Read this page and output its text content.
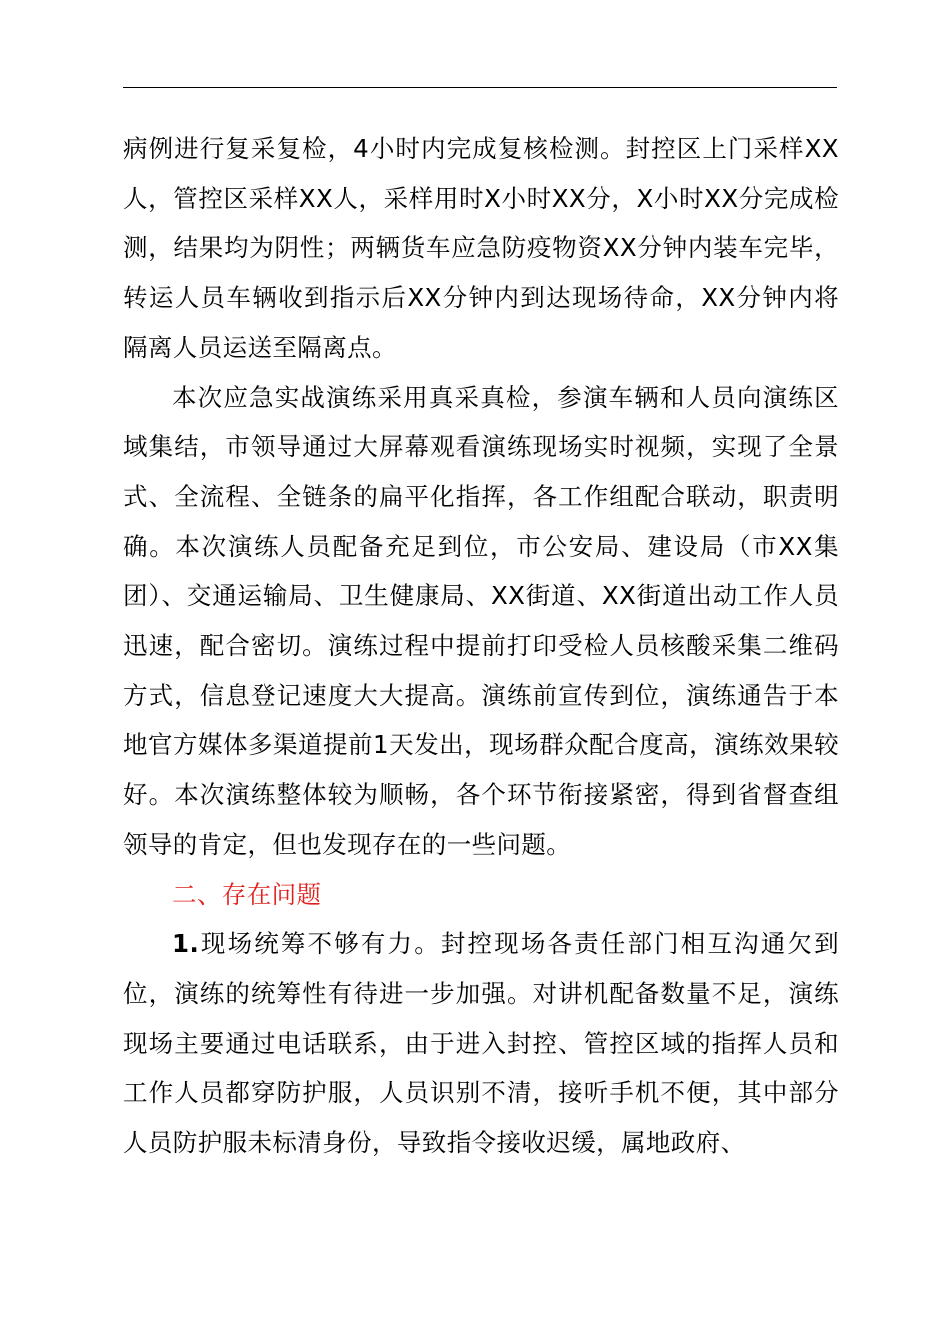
病例进行复采复检，4小时内完成复核检测。封控区上门采样XX人，管控区采样XX人，采样用时X小时XX分，X小时XX分完成检测，结果均为阴性；两辆货车应急防疫物资XX分钟内装车完毕，转运人员车辆收到指示后XX分钟内到达现场待命，XX分钟内将隔离人员运送至隔离点。

本次应急实战演练采用真采真检，参演车辆和人员向演练区域集结，市领导通过大屏幕观看演练现场实时视频，实现了全景式、全流程、全链条的扁平化指挥，各工作组配合联动，职责明确。本次演练人员配备充足到位，市公安局、建设局（市XX集团）、交通运输局、卫生健康局、XX街道、XX街道出动工作人员迅速，配合密切。演练过程中提前打印受检人员核酸采集二维码方式，信息登记速度大大提高。演练前宣传到位，演练通告于本地官方媒体多渠道提前1天发出，现场群众配合度高，演练效果较好。本次演练整体较为顺畅，各个环节衔接紧密，得到省督查组领导的肯定，但也发现存在的一些问题。

二、存在问题

1.现场统筹不够有力。封控现场各责任部门相互沟通欠到位，演练的统筹性有待进一步加强。对讲机配备数量不足，演练现场主要通过电话联系，由于进入封控、管控区域的指挥人员和工作人员都穿防护服，人员识别不清，接听手机不便，其中部分人员防护服未标清身份，导致指令接收迟缓，属地政府、
